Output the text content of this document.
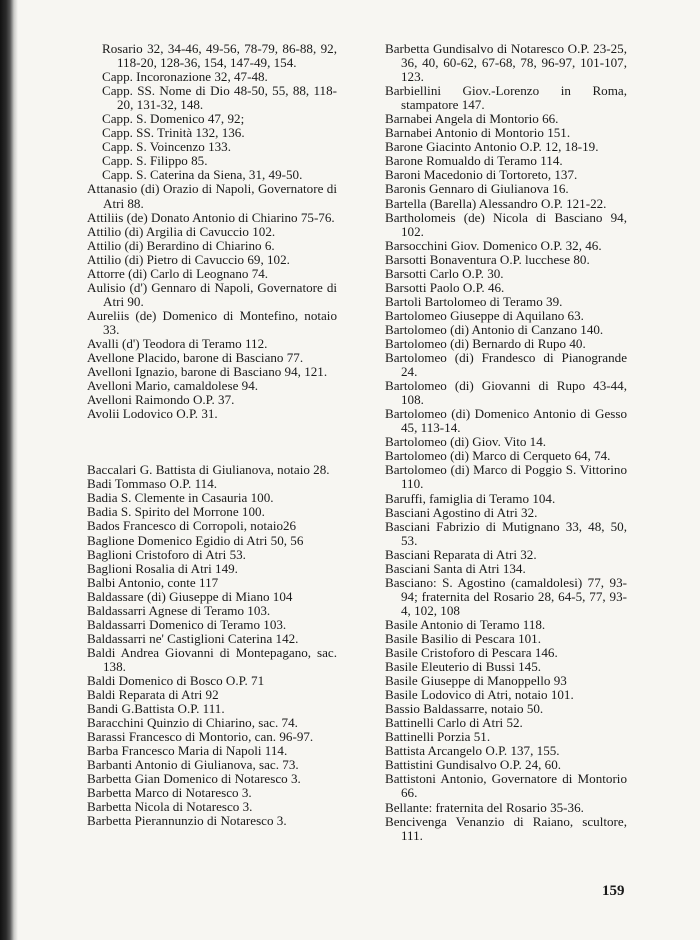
Rosario 32, 34-46, 49-56, 78-79, 86-88, 92, 118-20, 128-36, 154, 147-49, 154.

Capp. Incoronazione 32, 47-48.

Capp. SS. Nome di Dio 48-50, 55, 88, 118-20, 131-32, 148.

Capp. S. Domenico 47, 92;

Capp. SS. Trinità 132, 136.

Capp. S. Voincenzo 133.

Capp. S. Filippo 85.

Capp. S. Caterina da Siena, 31, 49-50.

Attanasio (di) Orazio di Napoli, Governatore di Atri 88.

Attiliis (de) Donato Antonio di Chiarino 75-76.

Attilio (di) Argilia di Cavuccio 102.

Attilio (di) Berardino di Chiarino 6.

Attilio (di) Pietro di Cavuccio 69, 102.

Attorre (di) Carlo di Leognano 74.

Aulisio (d') Gennaro di Napoli, Governatore di Atri 90.

Aureliis (de) Domenico di Montefino, notaio 33.

Avalli (d') Teodora di Teramo 112.

Avellone Placido, barone di Basciano 77.

Avelloni Ignazio, barone di Basciano 94, 121.

Avelloni Mario, camaldolese 94.

Avelloni Raimondo O.P. 37.

Avolii Lodovico O.P. 31.

Baccalari G. Battista di Giulianova, notaio 28.

Badi Tommaso O.P. 114.

Badia S. Clemente in Casauria 100.

Badia S. Spirito del Morrone 100.

Bados Francesco di Corropoli, notaio26

Baglione Domenico Egidio di Atri 50, 56

Baglioni Cristoforo di Atri 53.

Baglioni Rosalia di Atri 149.

Balbi Antonio, conte 117

Baldassare (di) Giuseppe di Miano 104

Baldassarri Agnese di Teramo 103.

Baldassarri Domenico di Teramo 103.

Baldassarri ne' Castiglioni Caterina 142.

Baldi Andrea Giovanni di Montepagano, sac. 138.

Baldi Domenico di Bosco O.P. 71

Baldi Reparata di Atri 92

Bandi G.Battista O.P. 111.

Baracchini Quinzio di Chiarino, sac. 74.

Barassi Francesco di Montorio, can. 96-97.

Barba Francesco Maria di Napoli 114.

Barbanti Antonio di Giulianova, sac. 73.

Barbetta Gian Domenico di Notaresco 3.

Barbetta Marco di Notaresco 3.

Barbetta Nicola di Notaresco 3.

Barbetta Pierannunzio di Notaresco 3.

Barbetta Gundisalvo di Notaresco O.P. 23-25, 36, 40, 60-62, 67-68, 78, 96-97, 101-107, 123.

Barbiellini Giov.-Lorenzo in Roma, stampatore 147.

Barnabei Angela di Montorio 66.

Barnabei Antonio di Montorio 151.

Barone Giacinto Antonio O.P. 12, 18-19.

Barone Romualdo di Teramo 114.

Baroni Macedonio di Tortoreto, 137.

Baronis Gennaro di Giulianova 16.

Bartella (Barella) Alessandro O.P. 121-22.

Bartholomeis (de) Nicola di Basciano 94, 102.

Barsocchini Giov. Domenico O.P. 32, 46.

Barsotti Bonaventura O.P. lucchese 80.

Barsotti Carlo O.P. 30.

Barsotti Paolo O.P. 46.

Bartoli Bartolomeo di Teramo 39.

Bartolomeo Giuseppe di Aquilano 63.

Bartolomeo (di) Antonio di Canzano 140.

Bartolomeo (di) Bernardo di Rupo 40.

Bartolomeo (di) Frandesco di Pianogrande 24.

Bartolomeo (di) Giovanni di Rupo 43-44, 108.

Bartolomeo (di) Domenico Antonio di Gesso 45, 113-14.

Bartolomeo (di) Giov. Vito 14.

Bartolomeo (di) Marco di Cerqueto 64, 74.

Bartolomeo (di) Marco di Poggio S. Vittorino 110.

Baruffi, famiglia di Teramo 104.

Basciani Agostino di Atri 32.

Basciani Fabrizio di Mutignano 33, 48, 50, 53.

Basciani Reparata di Atri 32.

Basciani Santa di Atri 134.

Basciano: S. Agostino (camaldolesi) 77, 93-94; fraternita del Rosario 28, 64-5, 77, 93-4, 102, 108

Basile Antonio di Teramo 118.

Basile Basilio di Pescara 101.

Basile Cristoforo di Pescara 146.

Basile Eleuterio di Bussi 145.

Basile Giuseppe di Manoppello 93

Basile Lodovico di Atri, notaio 101.

Bassio Baldassarre, notaio 50.

Battinelli Carlo di Atri 52.

Battinelli Porzia 51.

Battista Arcangelo O.P. 137, 155.

Battistini Gundisalvo O.P. 24, 60.

Battistoni Antonio, Governatore di Montorio 66.

Bellante: fraternita del Rosario 35-36.

Bencivenga Venanzio di Raiano, scultore, 111.

159
